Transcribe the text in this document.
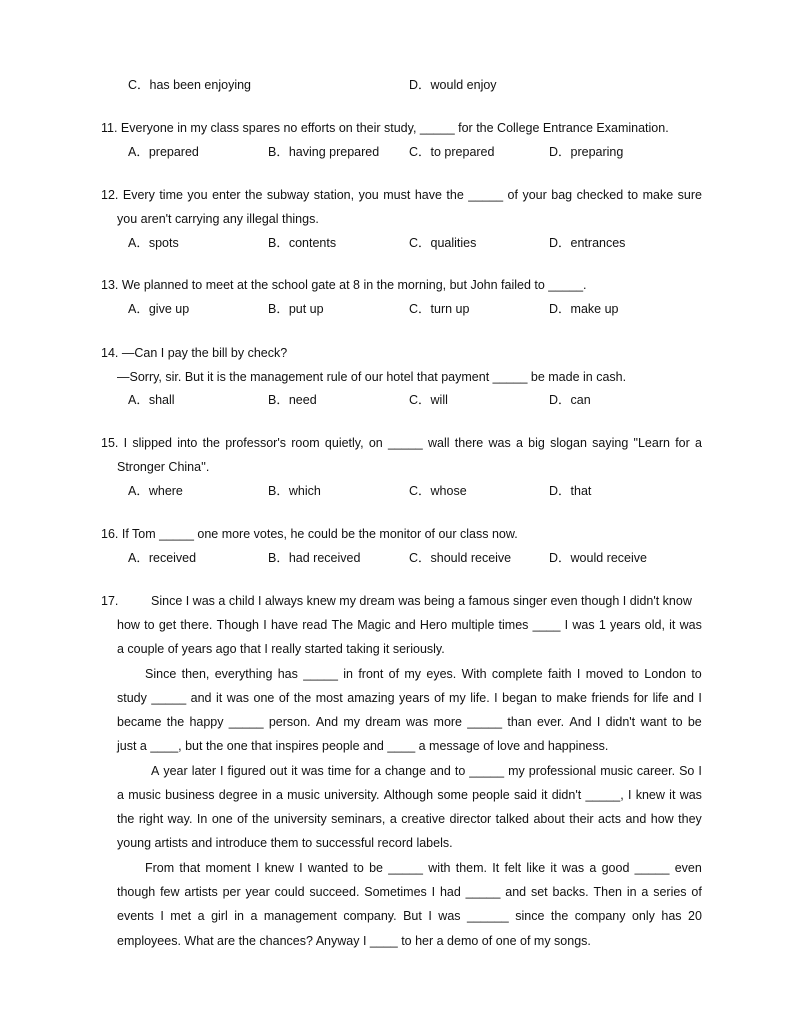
C．has been enjoying	D．would enjoy
11. Everyone in my class spares no efforts on their study, _____ for the College Entrance Examination.
A．prepared	B．having prepared C．to prepared	D．preparing
12. Every time you enter the subway station, you must have the _____ of your bag checked to make sure
you aren't carrying any illegal things.
A．spots	B．contents	C．qualities	D．entrances
13. We planned to meet at the school gate at 8 in the morning, but John failed to _____.
A．give up	B．put up	C．turn up	D．make up
14. —Can I pay the bill by check?
—Sorry, sir. But it is the management rule of our hotel that payment _____ be made in cash.
A．shall	B．need	C．will	D．can
15. I slipped into the professor's room quietly, on _____ wall there was a big slogan saying "Learn for a
Stronger China''.
A．where	B．which	C．whose	D．that
16. If Tom _____ one more votes, he could be the monitor of our class now.
A．received	B．had received	C．should receive	D．would receive
17.	Since I was a child I always knew my dream was being a famous singer even though I didn't know
how to get there. Though I have read The Magic and Hero multiple times ____ I was 1 years old, it was
a couple of years ago that I really started taking it seriously.
Since then, everything has _____ in front of my eyes. With complete faith I moved to London to
study _____ and it was one of the most amazing years of my life. I began to make friends for life and I
became the happy _____ person. And my dream was more _____ than ever. And I didn't want to be
just a ____, but the one that inspires people and ____ a message of love and happiness.
A year later I figured out it was time for a change and to _____ my professional music career. So I
a music business degree in a music university. Although some people said it didn't _____, I knew it was
the right way. In one of the university seminars, a creative director talked about their acts and how they
young artists and introduce them to successful record labels.
From that moment I knew I wanted to be _____ with them. It felt like it was a good _____ even
though few artists per year could succeed. Sometimes I had _____ and set backs. Then in a series of
events I met a girl in a management company. But I was ______ since the company only has 20
employees. What are the chances? Anyway I ____ to her a demo of one of my songs.
